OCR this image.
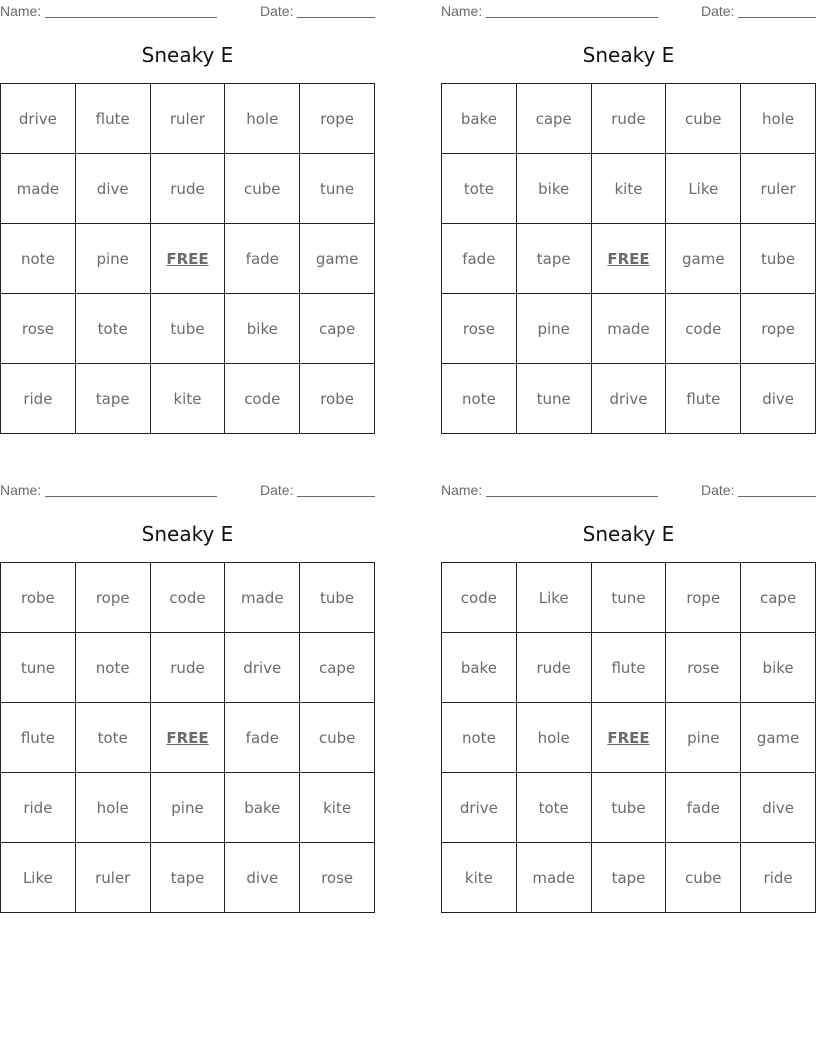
Name:	Date:
Sneaky E
drive	flute	ruler	hole	rope
made	dive	rude	cube	tune
note	pine	FREE	fade	game
rose	tote	tube	bike	cape
ride	tape	kite	code	robe
Name:	Date:
Sneaky E
bake	cape	rude	cube	hole
tote	bike	kite	Like	ruler
fade	tape	FREE	game	tube
rose	pine	made	code	rope
note	tune	drive	flute	dive
Name:	Date:
Sneaky E
robe	rope	code	made	tube
tune	note	rude	drive	cape
flute	tote	FREE	fade	cube
ride	hole	pine	bake	kite
Like	ruler	tape	dive	rose
Name:	Date:
Sneaky E
code	Like	tune	rope	cape
bake	rude	flute	rose	bike
note	hole	FREE	pine	game
drive	tote	tube	fade	dive
kite	made	tape	cube	ride
